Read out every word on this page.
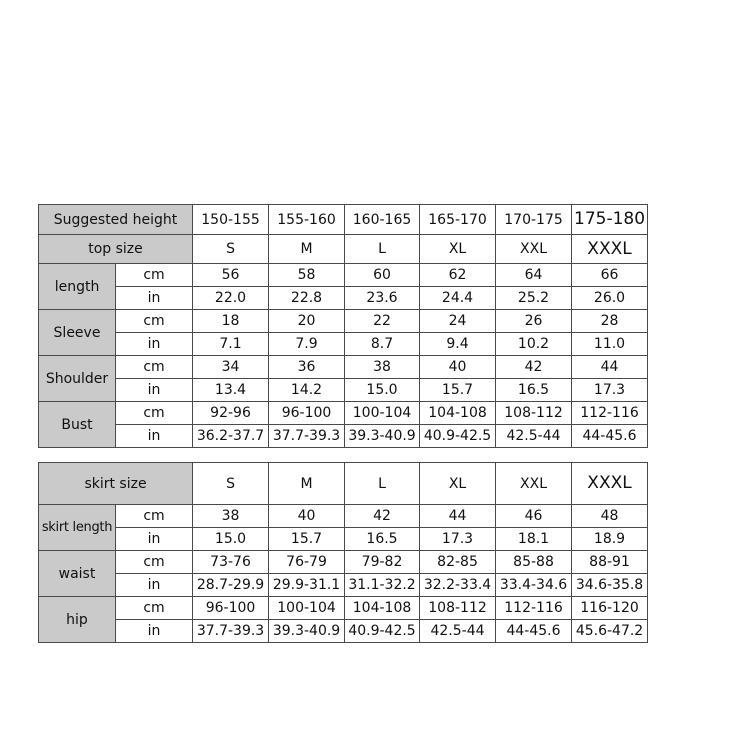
Suggested height		150-155	155-160	160-165	165-170	170-175	175-180
top size		S	M	L	XL	XXL	XXXL
length	cm	56	58	60	62	64	66
	in	22.0	22.8	23.6	24.4	25.2	26.0
Sleeve	cm	18	20	22	24	26	28
	in	7.1	7.9	8.7	9.4	10.2	11.0
Shoulder	cm	34	36	38	40	42	44
	in	13.4	14.2	15.0	15.7	16.5	17.3
Bust	cm	92-96	96-100	100-104	104-108	108-112	112-116
	in	36.2-37.7	37.7-39.3	39.3-40.9	40.9-42.5	42.5-44	44-45.6
skirt size		S	M	L	XL	XXL	XXXL
skirt length	cm	38	40	42	44	46	48
	in	15.0	15.7	16.5	17.3	18.1	18.9
waist	cm	73-76	76-79	79-82	82-85	85-88	88-91
	in	28.7-29.9	29.9-31.1	31.1-32.2	32.2-33.4	33.4-34.6	34.6-35.8
hip	cm	96-100	100-104	104-108	108-112	112-116	116-120
	in	37.7-39.3	39.3-40.9	40.9-42.5	42.5-44	44-45.6	45.6-47.2
